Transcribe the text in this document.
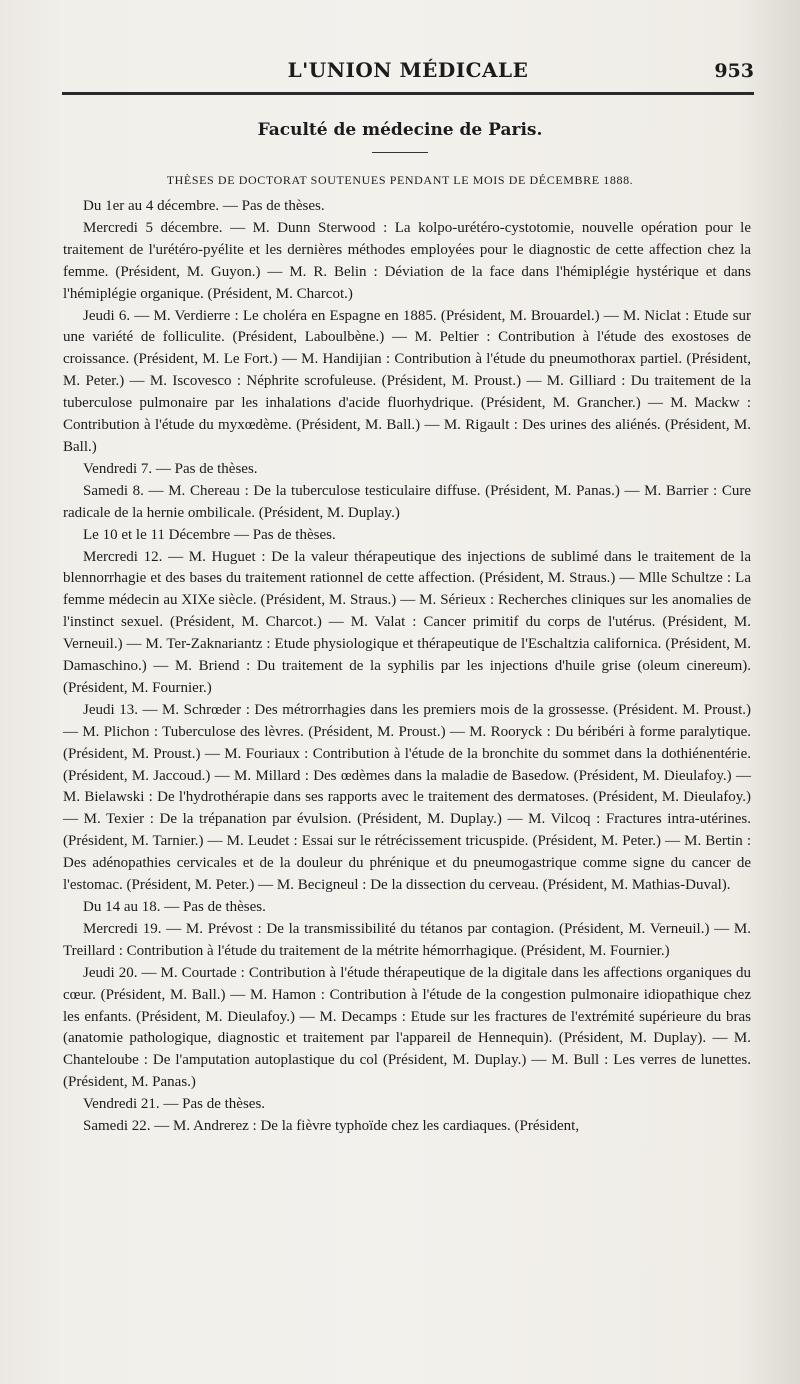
L'UNION MÉDICALE	953
Faculté de médecine de Paris.
THÈSES DE DOCTORAT SOUTENUES PENDANT LE MOIS DE DÉCEMBRE 1888.

Du 1er au 4 décembre. — Pas de thèses.

Mercredi 5 décembre. — M. Dunn Sterwood : La kolpo-urétéro-cystotomie, nouvelle opération pour le traitement de l'urétéro-pyélite et les dernières méthodes employées pour le diagnostic de cette affection chez la femme. (Président, M. Guyon.) — M. R. Belin : Déviation de la face dans l'hémiplégie hystérique et dans l'hémiplégie organique. (Président, M. Charcot.)

Jeudi 6. — M. Verdierre : Le choléra en Espagne en 1885. (Président, M. Brouardel.) — M. Niclat : Etude sur une variété de folliculite. (Président, Laboulbène.) — M. Peltier : Contribution à l'étude des exostoses de croissance. (Président, M. Le Fort.) — M. Handijian : Contribution à l'étude du pneumothorax partiel. (Président, M. Peter.) — M. Iscovesco : Néphrite scrofuleuse. (Président, M. Proust.) — M. Gilliard : Du traitement de la tuberculose pulmonaire par les inhalations d'acide fluorhydrique. (Président, M. Grancher.) — M. Mackw : Contribution à l'étude du myxœdème. (Président, M. Ball.) — M. Rigault : Des urines des aliénés. (Président, M. Ball.)

Vendredi 7. — Pas de thèses.

Samedi 8. — M. Chereau : De la tuberculose testiculaire diffuse. (Président, M. Panas.) — M. Barrier : Cure radicale de la hernie ombilicale. (Président, M. Duplay.)

Le 10 et le 11 Décembre — Pas de thèses.

Mercredi 12. — M. Huguet : De la valeur thérapeutique des injections de sublimé dans le traitement de la blennorrhagie et des bases du traitement rationnel de cette affection. (Président, M. Straus.) — Mlle Schultze : La femme médecin au XIXe siècle. (Président, M. Straus.) — M. Sérieux : Recherches cliniques sur les anomalies de l'instinct sexuel. (Président, M. Charcot.) — M. Valat : Cancer primitif du corps de l'utérus. (Président, M. Verneuil.) — M. Ter-Zaknariantz : Etude physiologique et thérapeutique de l'Eschaltzia californica. (Président, M. Damaschino.) — M. Briend : Du traitement de la syphilis par les injections d'huile grise (oleum cinereum). (Président, M. Fournier.)

Jeudi 13. — M. Schrœder : Des métrorrhagies dans les premiers mois de la grossesse. (Président. M. Proust.) — M. Plichon : Tuberculose des lèvres. (Président, M. Proust.) — M. Rooryck : Du béribéri à forme paralytique. (Président, M. Proust.) — M. Fouriaux : Contribution à l'étude de la bronchite du sommet dans la dothiénentérie. (Président, M. Jaccoud.) — M. Millard : Des œdèmes dans la maladie de Basedow. (Président, M. Dieulafoy.) — M. Bielawski : De l'hydrothérapie dans ses rapports avec le traitement des dermatoses. (Président, M. Dieulafoy.) — M. Texier : De la trépanation par évulsion. (Président, M. Duplay.) — M. Vilcoq : Fractures intra-utérines. (Président, M. Tarnier.) — M. Leudet : Essai sur le rétrécissement tricuspide. (Président, M. Peter.) — M. Bertin : Des adénopathies cervicales et de la douleur du phrénique et du pneumogastrique comme signe du cancer de l'estomac. (Président, M. Peter.) — M. Becigneul : De la dissection du cerveau. (Président, M. Mathias-Duval).

Du 14 au 18. — Pas de thèses.

Mercredi 19. — M. Prévost : De la transmissibilité du tétanos par contagion. (Président, M. Verneuil.) — M. Treillard : Contribution à l'étude du traitement de la métrite hémorrhagique. (Président, M. Fournier.)

Jeudi 20. — M. Courtade : Contribution à l'étude thérapeutique de la digitale dans les affections organiques du cœur. (Président, M. Ball.) — M. Hamon : Contribution à l'étude de la congestion pulmonaire idiopathique chez les enfants. (Président, M. Dieulafoy.) — M. Decamps : Etude sur les fractures de l'extrémité supérieure du bras (anatomie pathologique, diagnostic et traitement par l'appareil de Hennequin). (Président, M. Duplay). — M. Chanteloube : De l'amputation autoplastique du col (Président, M. Duplay.) — M. Bull : Les verres de lunettes. (Président, M. Panas.)

Vendredi 21. — Pas de thèses.

Samedi 22. — M. Andrerez : De la fièvre typhoïde chez les cardiaques. (Président,
